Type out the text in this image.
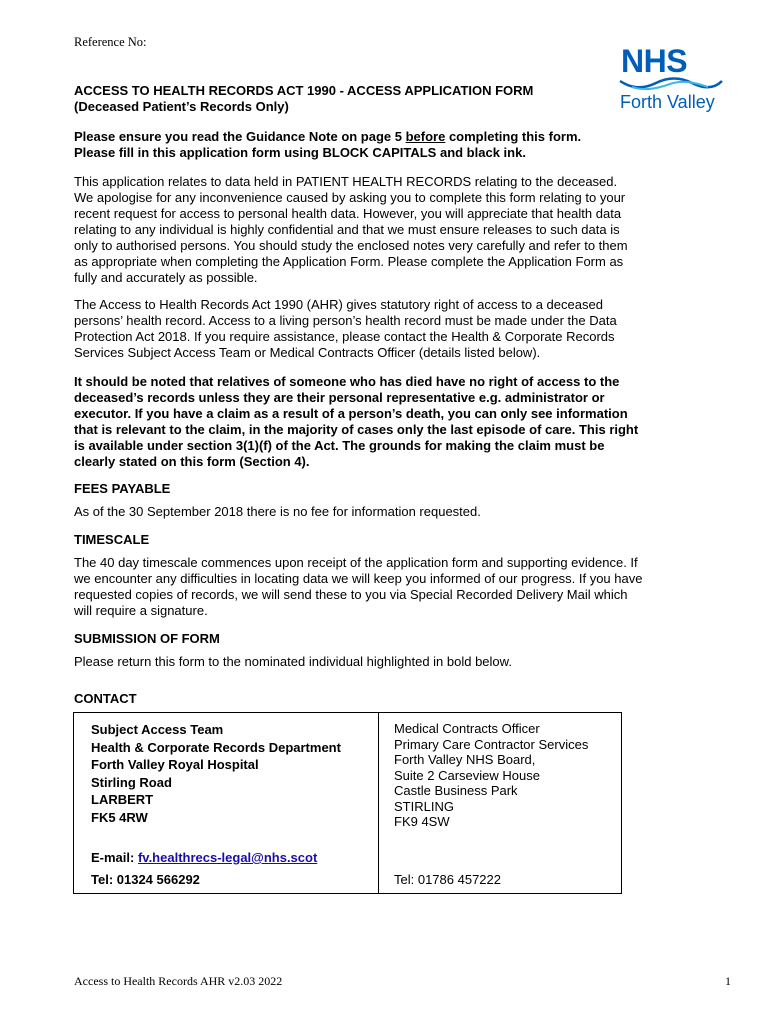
Reference No:
NHS
Forth Valley
ACCESS TO HEALTH RECORDS ACT 1990 - ACCESS APPLICATION FORM
(Deceased Patient’s Records Only)
Please ensure you read the Guidance Note on page 5 before completing this form.
Please fill in this application form using BLOCK CAPITALS and black ink.
This application relates to data held in PATIENT HEALTH RECORDS relating to the deceased.
We apologise for any inconvenience caused by asking you to complete this form relating to your
recent request for access to personal health data. However, you will appreciate that health data
relating to any individual is highly confidential and that we must ensure releases to such data is
only to authorised persons. You should study the enclosed notes very carefully and refer to them
as appropriate when completing the Application Form. Please complete the Application Form as
fully and accurately as possible.
The Access to Health Records Act 1990 (AHR) gives statutory right of access to a deceased
persons’ health record. Access to a living person’s health record must be made under the Data
Protection Act 2018. If you require assistance, please contact the Health & Corporate Records
Services Subject Access Team or Medical Contracts Officer (details listed below).
It should be noted that relatives of someone who has died have no right of access to the
deceased’s records unless they are their personal representative e.g. administrator or
executor. If you have a claim as a result of a person’s death, you can only see information
that is relevant to the claim, in the majority of cases only the last episode of care. This right
is available under section 3(1)(f) of the Act. The grounds for making the claim must be
clearly stated on this form (Section 4).
FEES PAYABLE
As of the 30 September 2018 there is no fee for information requested.
TIMESCALE
The 40 day timescale commences upon receipt of the application form and supporting evidence. If
we encounter any difficulties in locating data we will keep you informed of our progress. If you have
requested copies of records, we will send these to you via Special Recorded Delivery Mail which
will require a signature.
SUBMISSION OF FORM
Please return this form to the nominated individual highlighted in bold below.
CONTACT
Subject Access Team
Health & Corporate Records Department
Forth Valley Royal Hospital
Stirling Road
LARBERT
FK5 4RW
E-mail: fv.healthrecs-legal@nhs.scot
Tel: 01324 566292
Medical Contracts Officer
Primary Care Contractor Services
Forth Valley NHS Board,
Suite 2 Carseview House
Castle Business Park
STIRLING
FK9 4SW
Tel: 01786 457222
Access to Health Records AHR v2.03 2022	1
